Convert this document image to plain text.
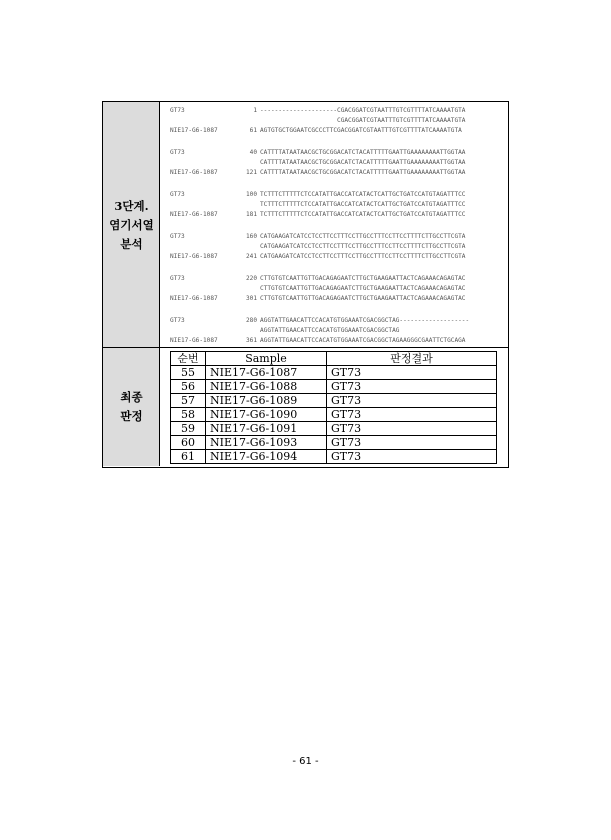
3단계.
염기서열
분석
최종
판정
GT73	1 ---------------------CGACGGATCGTAATTTGTCGTTTTATCAAAATGTA
CGACGGATCGTAATTTGTCGTTTTATCAAAATGTA
NIE17-G6-1087	61 AGTGTGCTGGAATCGCCCTTCGACGGATCGTAATTTGTCGTTTTATCAAAATGTA
GT73	40 CATTTTATAATAACGCTGCGGACATCTACATTTTTGAATTGAAAAAAAATTGGTAA
CATTTTATAATAACGCTGCGGACATCTACATTTTTGAATTGAAAAAAAATTGGTAA
NIE17-G6-1087	121 CATTTTATAATAACGCTGCGGACATCTACATTTTTGAATTGAAAAAAAATTGGTAA
GT73	100 TCTTTCTTTTTCTCCATATTGACCATCATACTCATTGCTGATCCATGTAGATTTCC
TCTTTCTTTTTCTCCATATTGACCATCATACTCATTGCTGATCCATGTAGATTTCC
NIE17-G6-1087	181 TCTTTCTTTTTCTCCATATTGACCATCATACTCATTGCTGATCCATGTAGATTTCC
GT73	160 CATGAAGATCATCCTCCTTCCTTTCCTTGCCTTTCCTTCCTTTTCTTGCCTTCGTA
CATGAAGATCATCCTCCTTCCTTTCCTTGCCTTTCCTTCCTTTTCTTGCCTTCGTA
NIE17-G6-1087	241 CATGAAGATCATCCTCCTTCCTTTCCTTGCCTTTCCTTCCTTTTCTTGCCTTCGTA
GT73	220 CTTGTGTCAATTGTTGACAGAGAATCTTGCTGAAGAATTACTCAGAAACAGAGTAC
CTTGTGTCAATTGTTGACAGAGAATCTTGCTGAAGAATTACTCAGAAACAGAGTAC
NIE17-G6-1087	301 CTTGTGTCAATTGTTGACAGAGAATCTTGCTGAAGAATTACTCAGAAACAGAGTAC
GT73	280 AGGTATTGAACATTCCACATGTGGAAATCGACGGCTAG-------------------
AGGTATTGAACATTCCACATGTGGAAATCGACGGCTAG
NIE17-G6-1087	361 AGGTATTGAACATTCCACATGTGGAAATCGACGGCTAGAAGGGCGAATTCTGCAGA
순번	Sample	판정결과
55	NIE17-G6-1087	GT73
56	NIE17-G6-1088	GT73
57	NIE17-G6-1089	GT73
58	NIE17-G6-1090	GT73
59	NIE17-G6-1091	GT73
60	NIE17-G6-1093	GT73
61	NIE17-G6-1094	GT73
- 61 -
